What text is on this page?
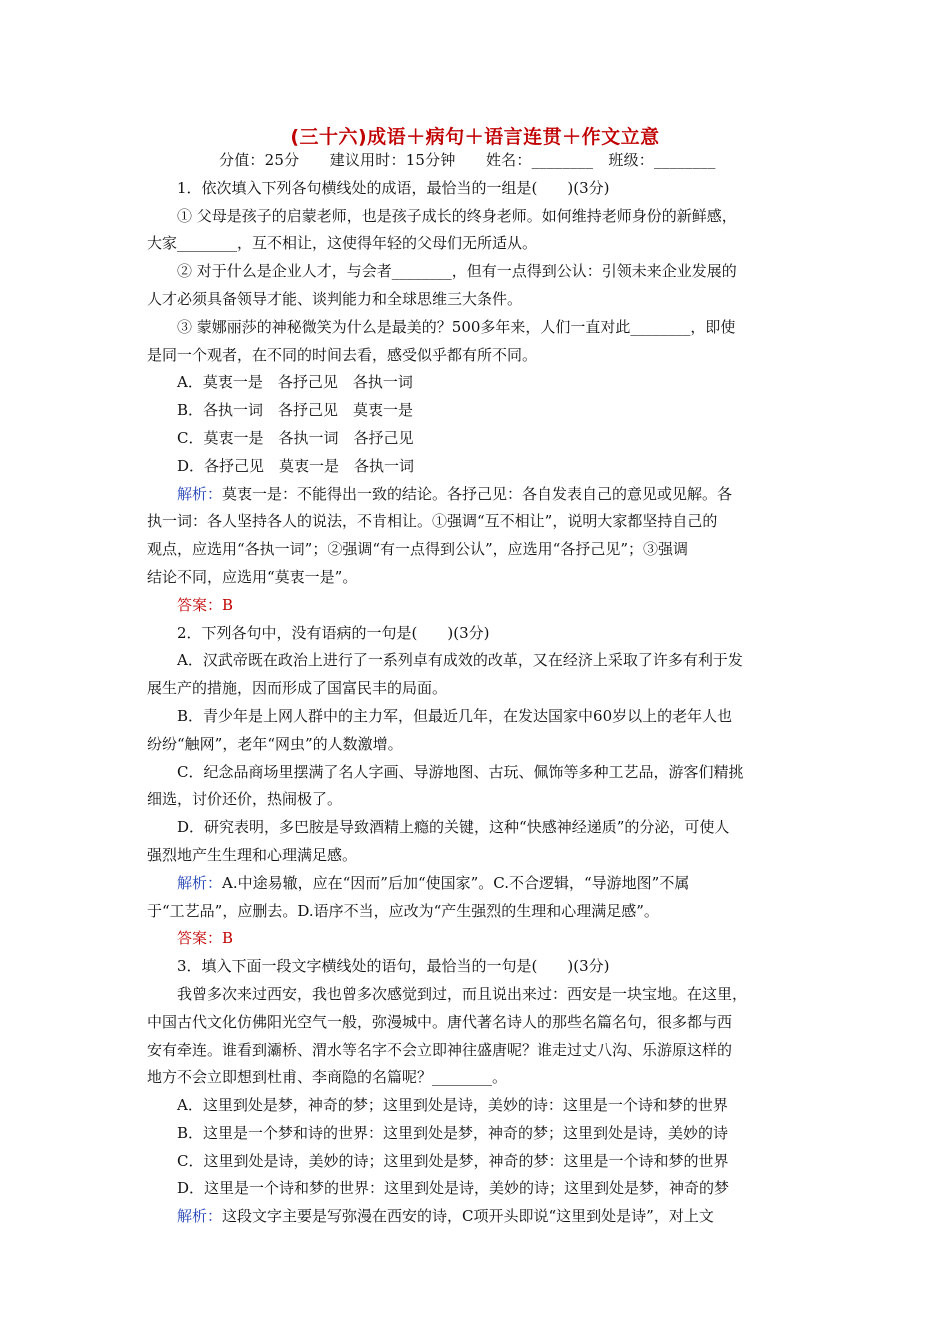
(三十六)成语＋病句＋语言连贯＋作文立意
分值：25分　　建议用时：15分钟　　姓名：________　班级：________
1．依次填入下列各句横线处的成语，最恰当的一组是(　　)(3分)
① 父母是孩子的启蒙老师，也是孩子成长的终身老师。如何维持老师身份的新鲜感，
大家________，互不相让，这使得年轻的父母们无所适从。
② 对于什么是企业人才，与会者________，但有一点得到公认：引领未来企业发展的
人才必须具备领导才能、谈判能力和全球思维三大条件。
③ 蒙娜丽莎的神秘微笑为什么是最美的？500多年来，人们一直对此________，即使
是同一个观者，在不同的时间去看，感受似乎都有所不同。
A．莫衷一是　各抒己见　各执一词
B．各执一词　各抒己见　莫衷一是
C．莫衷一是　各执一词　各抒己见
D．各抒己见　莫衷一是　各执一词
解析：莫衷一是：不能得出一致的结论。各抒己见：各自发表自己的意见或见解。各
执一词：各人坚持各人的说法，不肯相让。①强调“互不相让”，说明大家都坚持自己的
观点，应选用“各执一词”；②强调“有一点得到公认”，应选用“各抒己见”；③强调
结论不同，应选用“莫衷一是”。
答案：B
2．下列各句中，没有语病的一句是(　　)(3分)
A．汉武帝既在政治上进行了一系列卓有成效的改革，又在经济上采取了许多有利于发
展生产的措施，因而形成了国富民丰的局面。
B．青少年是上网人群中的主力军，但最近几年，在发达国家中60岁以上的老年人也
纷纷“触网”，老年“网虫”的人数激增。
C．纪念品商场里摆满了名人字画、导游地图、古玩、佩饰等多种工艺品，游客们精挑
细选，讨价还价，热闹极了。
D．研究表明，多巴胺是导致酒精上瘾的关键，这种“快感神经递质”的分泌，可使人
强烈地产生生理和心理满足感。
解析：A.中途易辙，应在“因而”后加“使国家”。C.不合逻辑，“导游地图”不属
于“工艺品”，应删去。D.语序不当，应改为“产生强烈的生理和心理满足感”。
答案：B
3．填入下面一段文字横线处的语句，最恰当的一句是(　　)(3分)
我曾多次来过西安，我也曾多次感觉到过，而且说出来过：西安是一块宝地。在这里，
中国古代文化仿佛阳光空气一般，弥漫城中。唐代著名诗人的那些名篇名句，很多都与西
安有牵连。谁看到灞桥、渭水等名字不会立即神往盛唐呢？谁走过丈八沟、乐游原这样的
地方不会立即想到杜甫、李商隐的名篇呢？________。
A．这里到处是梦，神奇的梦；这里到处是诗，美妙的诗：这里是一个诗和梦的世界
B．这里是一个梦和诗的世界：这里到处是梦，神奇的梦；这里到处是诗，美妙的诗
C．这里到处是诗，美妙的诗；这里到处是梦，神奇的梦：这里是一个诗和梦的世界
D．这里是一个诗和梦的世界：这里到处是诗，美妙的诗；这里到处是梦，神奇的梦
解析：这段文字主要是写弥漫在西安的诗，C项开头即说“这里到处是诗”，对上文
